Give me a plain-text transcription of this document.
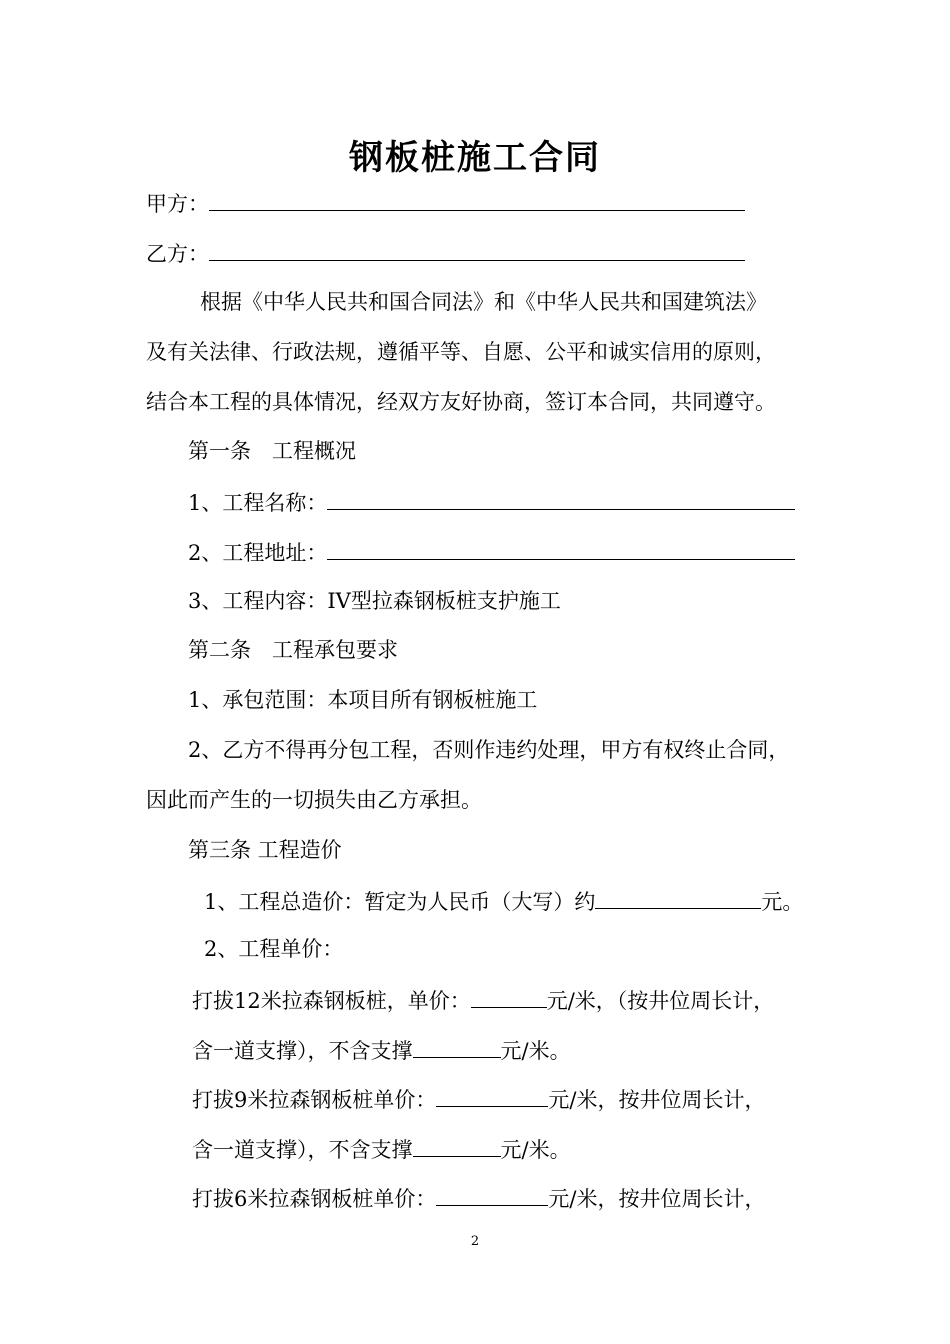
钢板桩施工合同
甲方：
乙方：
根据《中华人民共和国合同法》和《中华人民共和国建筑法》
及有关法律、行政法规，遵循平等、自愿、公平和诚实信用的原则，
结合本工程的具体情况，经双方友好协商，签订本合同，共同遵守。
第一条　工程概况
1、工程名称：
2、工程地址：
3、工程内容：IV型拉森钢板桩支护施工
第二条　工程承包要求
1、承包范围：本项目所有钢板桩施工
2、乙方不得再分包工程，否则作违约处理，甲方有权终止合同，
因此而产生的一切损失由乙方承担。
第三条 工程造价
1、工程总造价：暂定为人民币（大写）约	元。
2、工程单价：
打拔12米拉森钢板桩，单价：	元/米，（按井位周长计，
含一道支撑），不含支撑	元/米。
打拔9米拉森钢板桩单价：	元/米，按井位周长计，
含一道支撑），不含支撑	元/米。
打拔6米拉森钢板桩单价：	元/米，按井位周长计，
2
